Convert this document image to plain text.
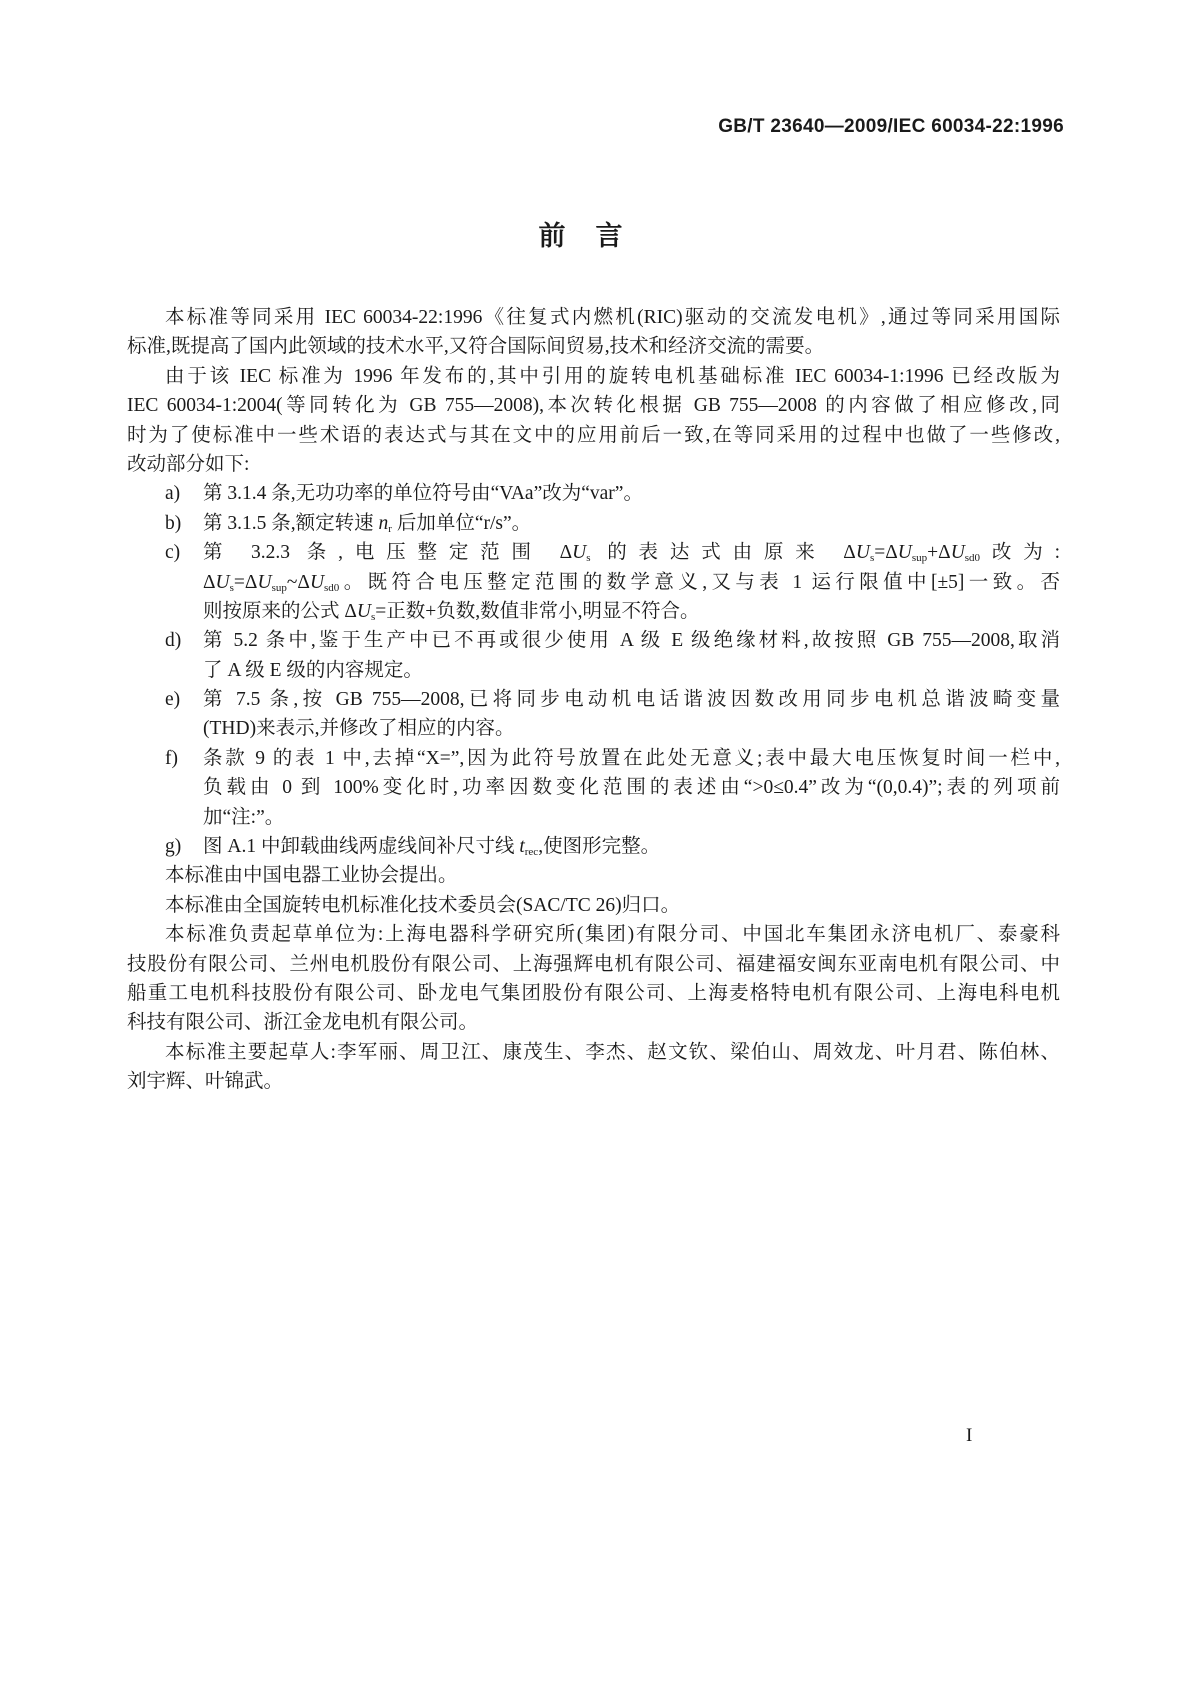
GB/T 23640—2009/IEC 60034-22:1996
前言
本标准等同采用 IEC 60034-22:1996《往复式内燃机(RIC)驱动的交流发电机》,通过等同采用国际
标准,既提高了国内此领域的技术水平,又符合国际间贸易,技术和经济交流的需要。
由于该 IEC 标准为 1996 年发布的,其中引用的旋转电机基础标准 IEC 60034-1:1996 已经改版为
IEC 60034-1:2004(等同转化为 GB 755—2008),本次转化根据 GB 755—2008 的内容做了相应修改,同
时为了使标准中一些术语的表达式与其在文中的应用前后一致,在等同采用的过程中也做了一些修改,
改动部分如下:
a) 第 3.1.4 条,无功功率的单位符号由“VAa”改为“var”。
b) 第 3.1.5 条,额定转速 $n_r$ 后加单位“r/s”。
c) 第 3.2.3 条,电压整定范围 $\Delta U_s$ 的表达式由原来 $\Delta U_s=\Delta U_{sup}+\Delta U_{sd0}$改为:
$\Delta U_s=\Delta U_{sup}\sim\Delta U_{sd0}$。既符合电压整定范围的数学意义,又与表 1 运行限值中[±5]一致。否
则按原来的公式 $\Delta U_s=$正数+负数,数值非常小,明显不符合。
d) 第 5.2 条中,鉴于生产中已不再或很少使用 A 级 E 级绝缘材料,故按照 GB 755—2008,取消
了 A 级 E 级的内容规定。
e) 第 7.5 条,按 GB 755—2008,已将同步电动机电话谐波因数改用同步电机总谐波畸变量
(THD)来表示,并修改了相应的内容。
f) 条款 9 的表 1 中,去掉“X=”,因为此符号放置在此处无意义;表中最大电压恢复时间一栏中,
负载由 0 到 100%变化时,功率因数变化范围的表述由“>0≤0.4”改为“(0,0.4)”;表的列项前
加“注:”。
g) 图 A.1 中卸载曲线两虚线间补尺寸线 $t_{rec}$,使图形完整。
本标准由中国电器工业协会提出。
本标准由全国旋转电机标准化技术委员会(SAC/TC 26)归口。
本标准负责起草单位为:上海电器科学研究所(集团)有限分司、中国北车集团永济电机厂、泰豪科
技股份有限公司、兰州电机股份有限公司、上海强辉电机有限公司、福建福安闽东亚南电机有限公司、中
船重工电机科技股份有限公司、卧龙电气集团股份有限公司、上海麦格特电机有限公司、上海电科电机
科技有限公司、浙江金龙电机有限公司。
本标准主要起草人:李军丽、周卫江、康茂生、李杰、赵文钦、梁伯山、周效龙、叶月君、陈伯林、
刘宇辉、叶锦武。
I
